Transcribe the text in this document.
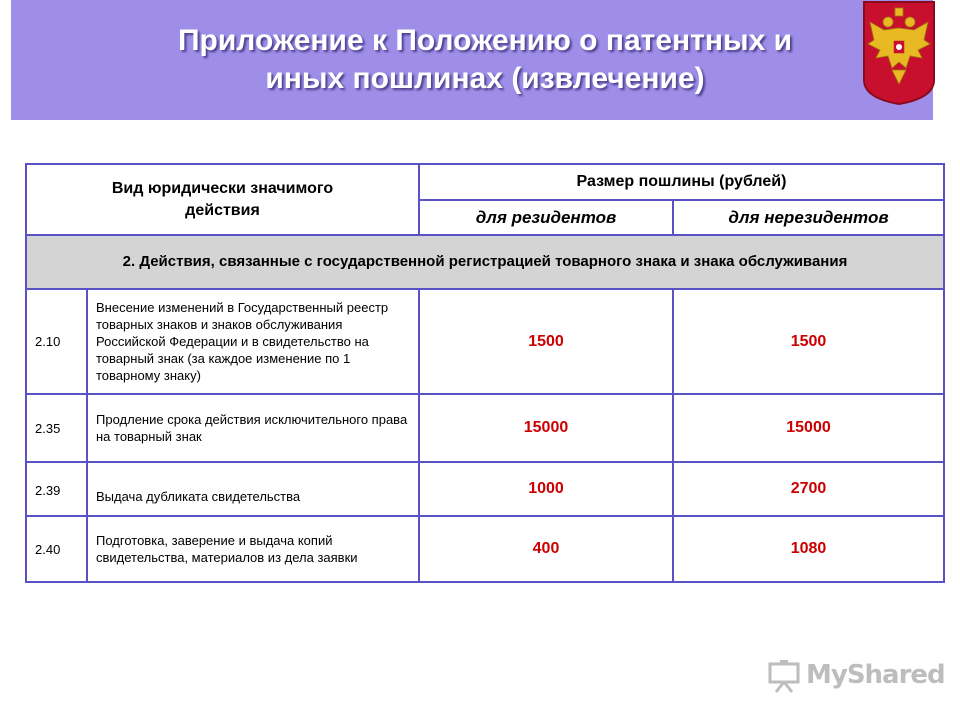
Приложение к Положению о патентных и
иных пошлинах (извлечение)
Вид юридически значимого действия		Размер пошлины (рублей)	
		для резидентов	для нерезидентов
2. Действия, связанные с государственной регистрацией товарного знака и знака обслуживания			
2.10	Внесение изменений в Государственный реестр товарных знаков и знаков обслуживания Российской Федерации и в свидетельство на товарный знак (за каждое изменение по 1 товарному знаку)	1500	1500
2.35	Продление срока действия исключительного права на товарный знак	15000	15000
2.39	Выдача дубликата свидетельства	1000	2700
2.40	Подготовка, заверение и выдача копий свидетельства, материалов из дела заявки	400	1080
MyShared
